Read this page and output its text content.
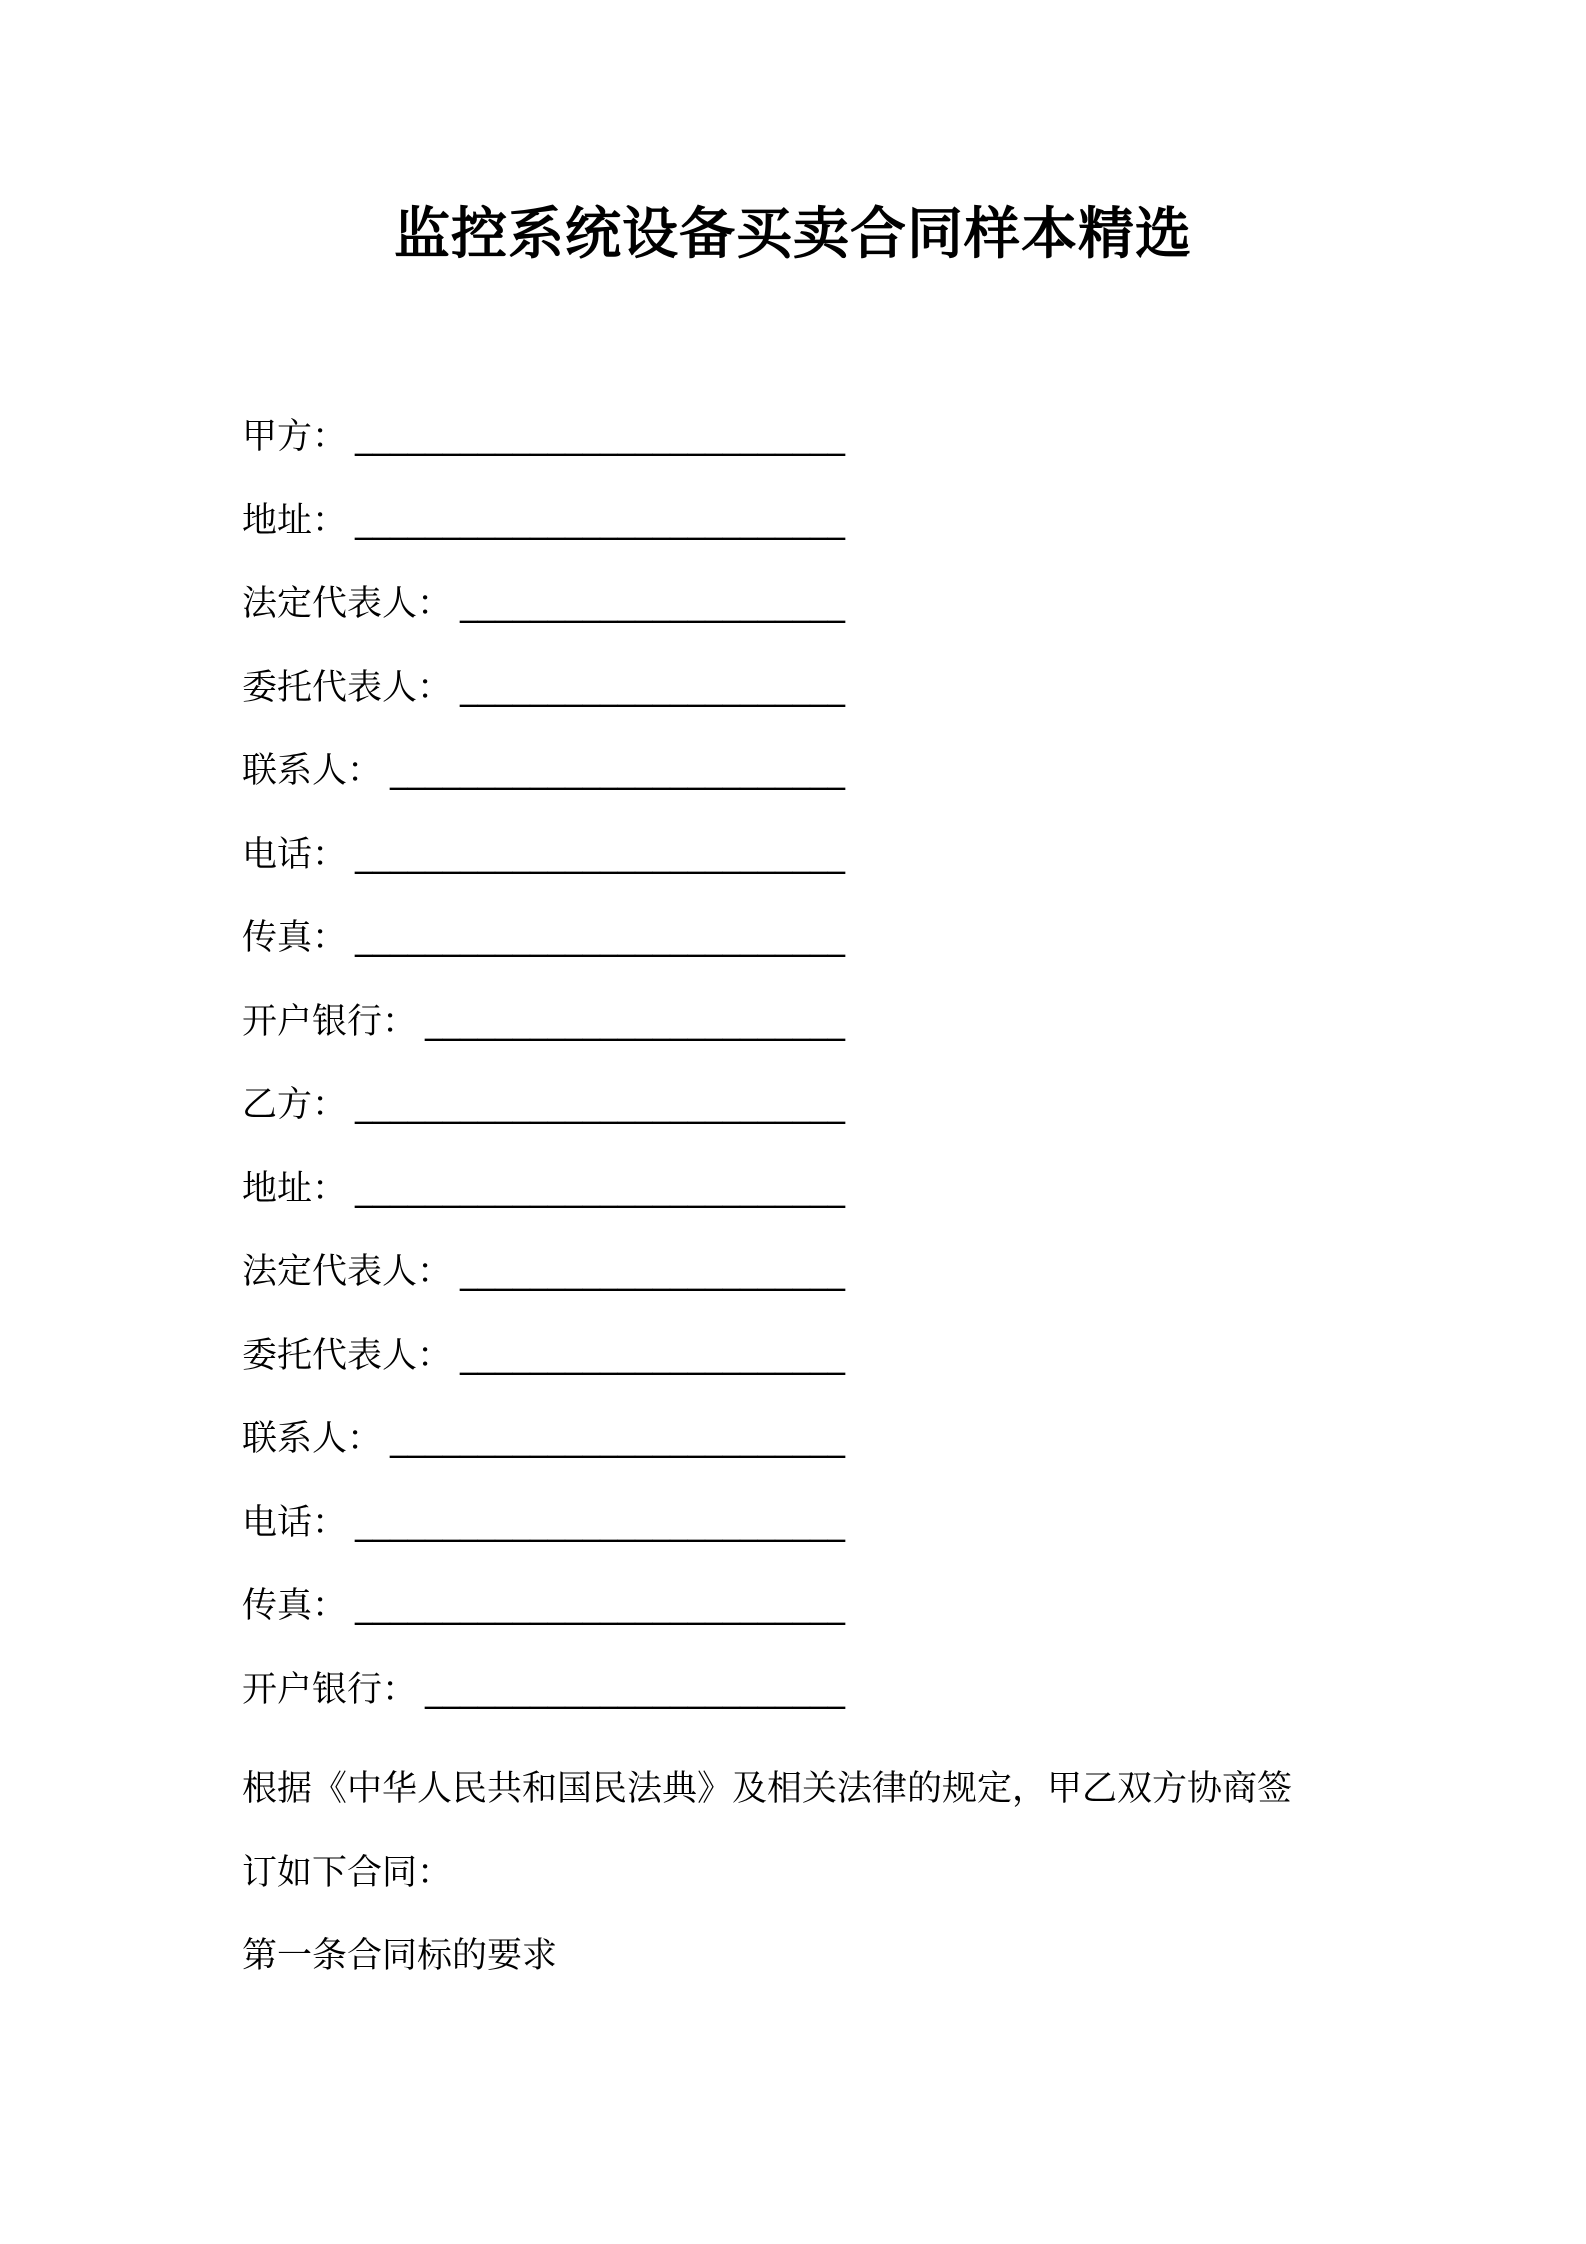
监控系统设备买卖合同样本精选
甲方： ____________________________
地址： ____________________________
法定代表人： ______________________
委托代表人： ______________________
联系人： __________________________
电话： ____________________________
传真： ____________________________
开户银行： ________________________
乙方： ____________________________
地址： ____________________________
法定代表人： ______________________
委托代表人： ______________________
联系人： __________________________
电话： ____________________________
传真： ____________________________
开户银行： ________________________

根据《中华人民共和国民法典》及相关法律的规定，甲乙双方协商签
订如下合同：

第一条合同标的要求
